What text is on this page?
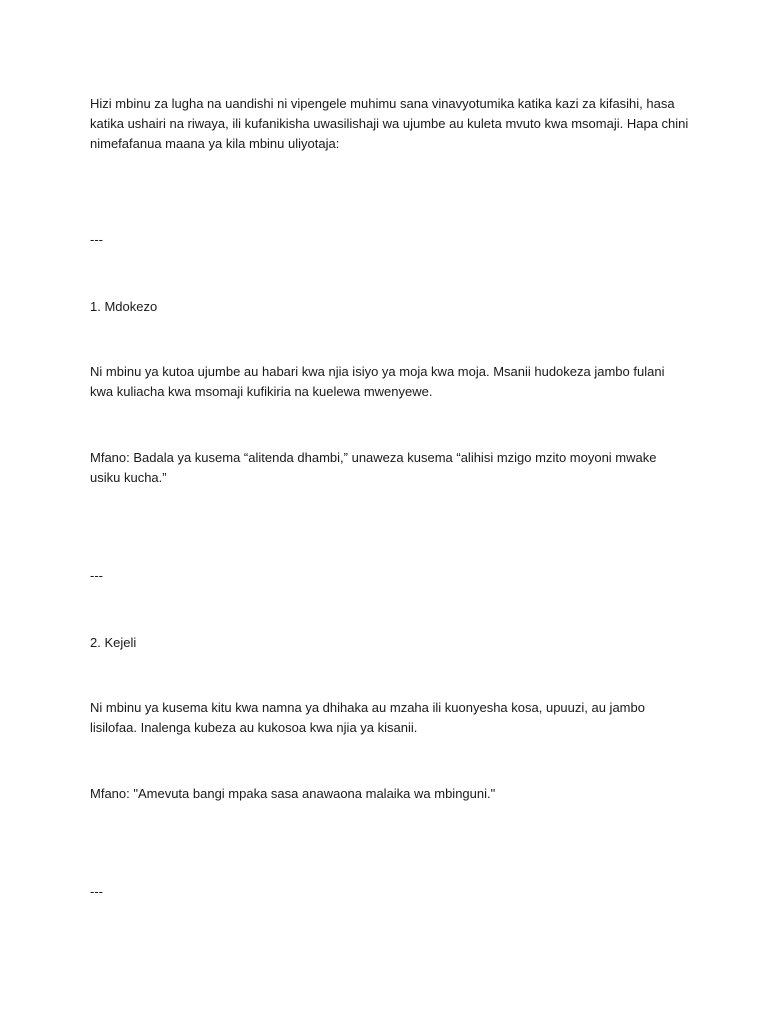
Hizi mbinu za lugha na uandishi ni vipengele muhimu sana vinavyotumika katika kazi za kifasihi, hasa katika ushairi na riwaya, ili kufanikisha uwasilishaji wa ujumbe au kuleta mvuto kwa msomaji. Hapa chini nimefafanua maana ya kila mbinu uliyotaja:

---

1. Mdokezo

Ni mbinu ya kutoa ujumbe au habari kwa njia isiyo ya moja kwa moja. Msanii hudokeza jambo fulani kwa kuliacha kwa msomaji kufikiria na kuelewa mwenyewe.

Mfano: Badala ya kusema “alitenda dhambi,” unaweza kusema “alihisi mzigo mzito moyoni mwake usiku kucha.”

---

2. Kejeli

Ni mbinu ya kusema kitu kwa namna ya dhihaka au mzaha ili kuonyesha kosa, upuuzi, au jambo lisilofaa. Inalenga kubeza au kukosoa kwa njia ya kisanii.

Mfano: "Amevuta bangi mpaka sasa anawaona malaika wa mbinguni."

---
